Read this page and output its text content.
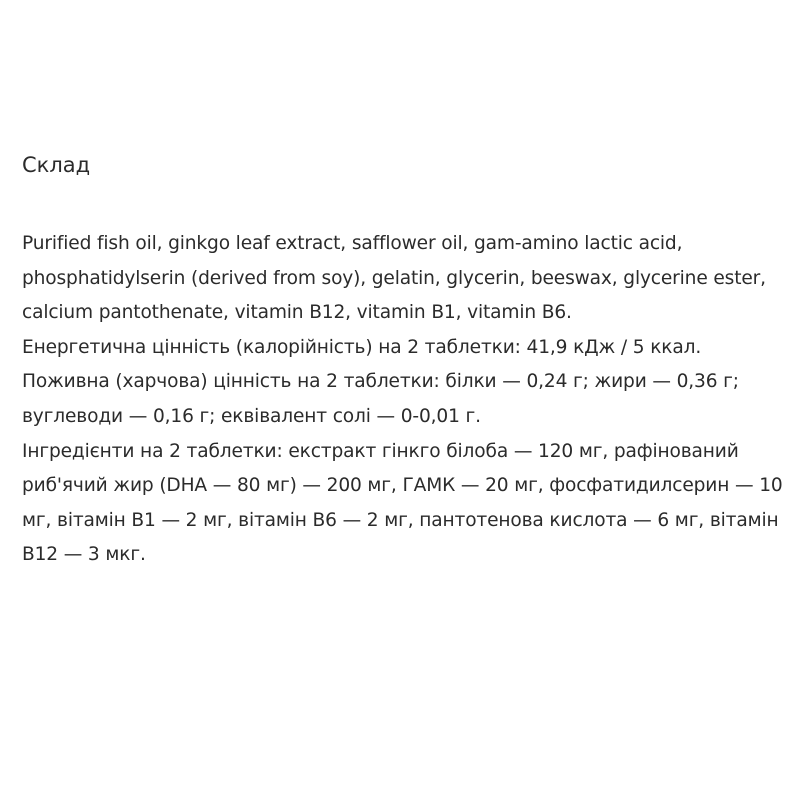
Склад

Purified fish oil, ginkgo leaf extract, safflower oil, gam-amino lactic acid, phosphatidylserin (derived from soy), gelatin, glycerin, beeswax, glycerine ester, calcium pantothenate, vitamin B12, vitamin B1, vitamin B6.

Енергетична цінність (калорійність) на 2 таблетки: 41,9 кДж / 5 ккал.

Поживна (харчова) цінність на 2 таблетки: білки — 0,24 г; жири — 0,36 г; вуглеводи — 0,16 г; еквівалент солі — 0-0,01 г.

Інгредієнти на 2 таблетки: екстракт гінкго білоба — 120 мг, рафінований риб'ячий жир (DHA — 80 мг) — 200 мг, ГАМК — 20 мг, фосфатидилсерин — 10 мг, вітамін B1 — 2 мг, вітамін B6 — 2 мг, пантотенова кислота — 6 мг, вітамін B12 — 3 мкг.
